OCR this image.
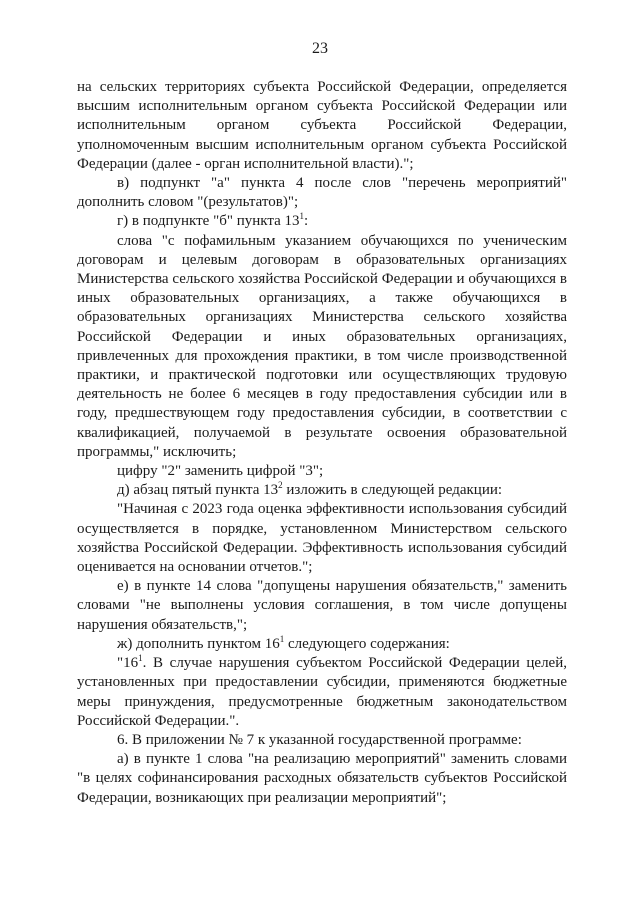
23

на сельских территориях субъекта Российской Федерации, определяется высшим исполнительным органом субъекта Российской Федерации или исполнительным органом субъекта Российской Федерации, уполномоченным высшим исполнительным органом субъекта Российской Федерации (далее - орган исполнительной власти).";

в) подпункт "а" пункта 4 после слов "перечень мероприятий" дополнить словом "(результатов)";

г) в подпункте "б" пункта $13^1$:

слова "с пофамильным указанием обучающихся по ученическим договорам и целевым договорам в образовательных организациях Министерства сельского хозяйства Российской Федерации и обучающихся в иных образовательных организациях, а также обучающихся в образовательных организациях Министерства сельского хозяйства Российской Федерации и иных образовательных организациях, привлеченных для прохождения практики, в том числе производственной практики, и практической подготовки или осуществляющих трудовую деятельность не более 6 месяцев в году предоставления субсидии или в году, предшествующем году предоставления субсидии, в соответствии с квалификацией, получаемой в результате освоения образовательной программы," исключить;

цифру "2" заменить цифрой "3";

д) абзац пятый пункта $13^2$ изложить в следующей редакции:

"Начиная с 2023 года оценка эффективности использования субсидий осуществляется в порядке, установленном Министерством сельского хозяйства Российской Федерации. Эффективность использования субсидий оценивается на основании отчетов.";

е) в пункте 14 слова "допущены нарушения обязательств," заменить словами "не выполнены условия соглашения, в том числе допущены нарушения обязательств,";

ж) дополнить пунктом $16^1$ следующего содержания:

"$16^1$. В случае нарушения субъектом Российской Федерации целей, установленных при предоставлении субсидии, применяются бюджетные меры принуждения, предусмотренные бюджетным законодательством Российской Федерации.".

6. В приложении № 7 к указанной государственной программе:

а) в пункте 1 слова "на реализацию мероприятий" заменить словами "в целях софинансирования расходных обязательств субъектов Российской Федерации, возникающих при реализации мероприятий";
